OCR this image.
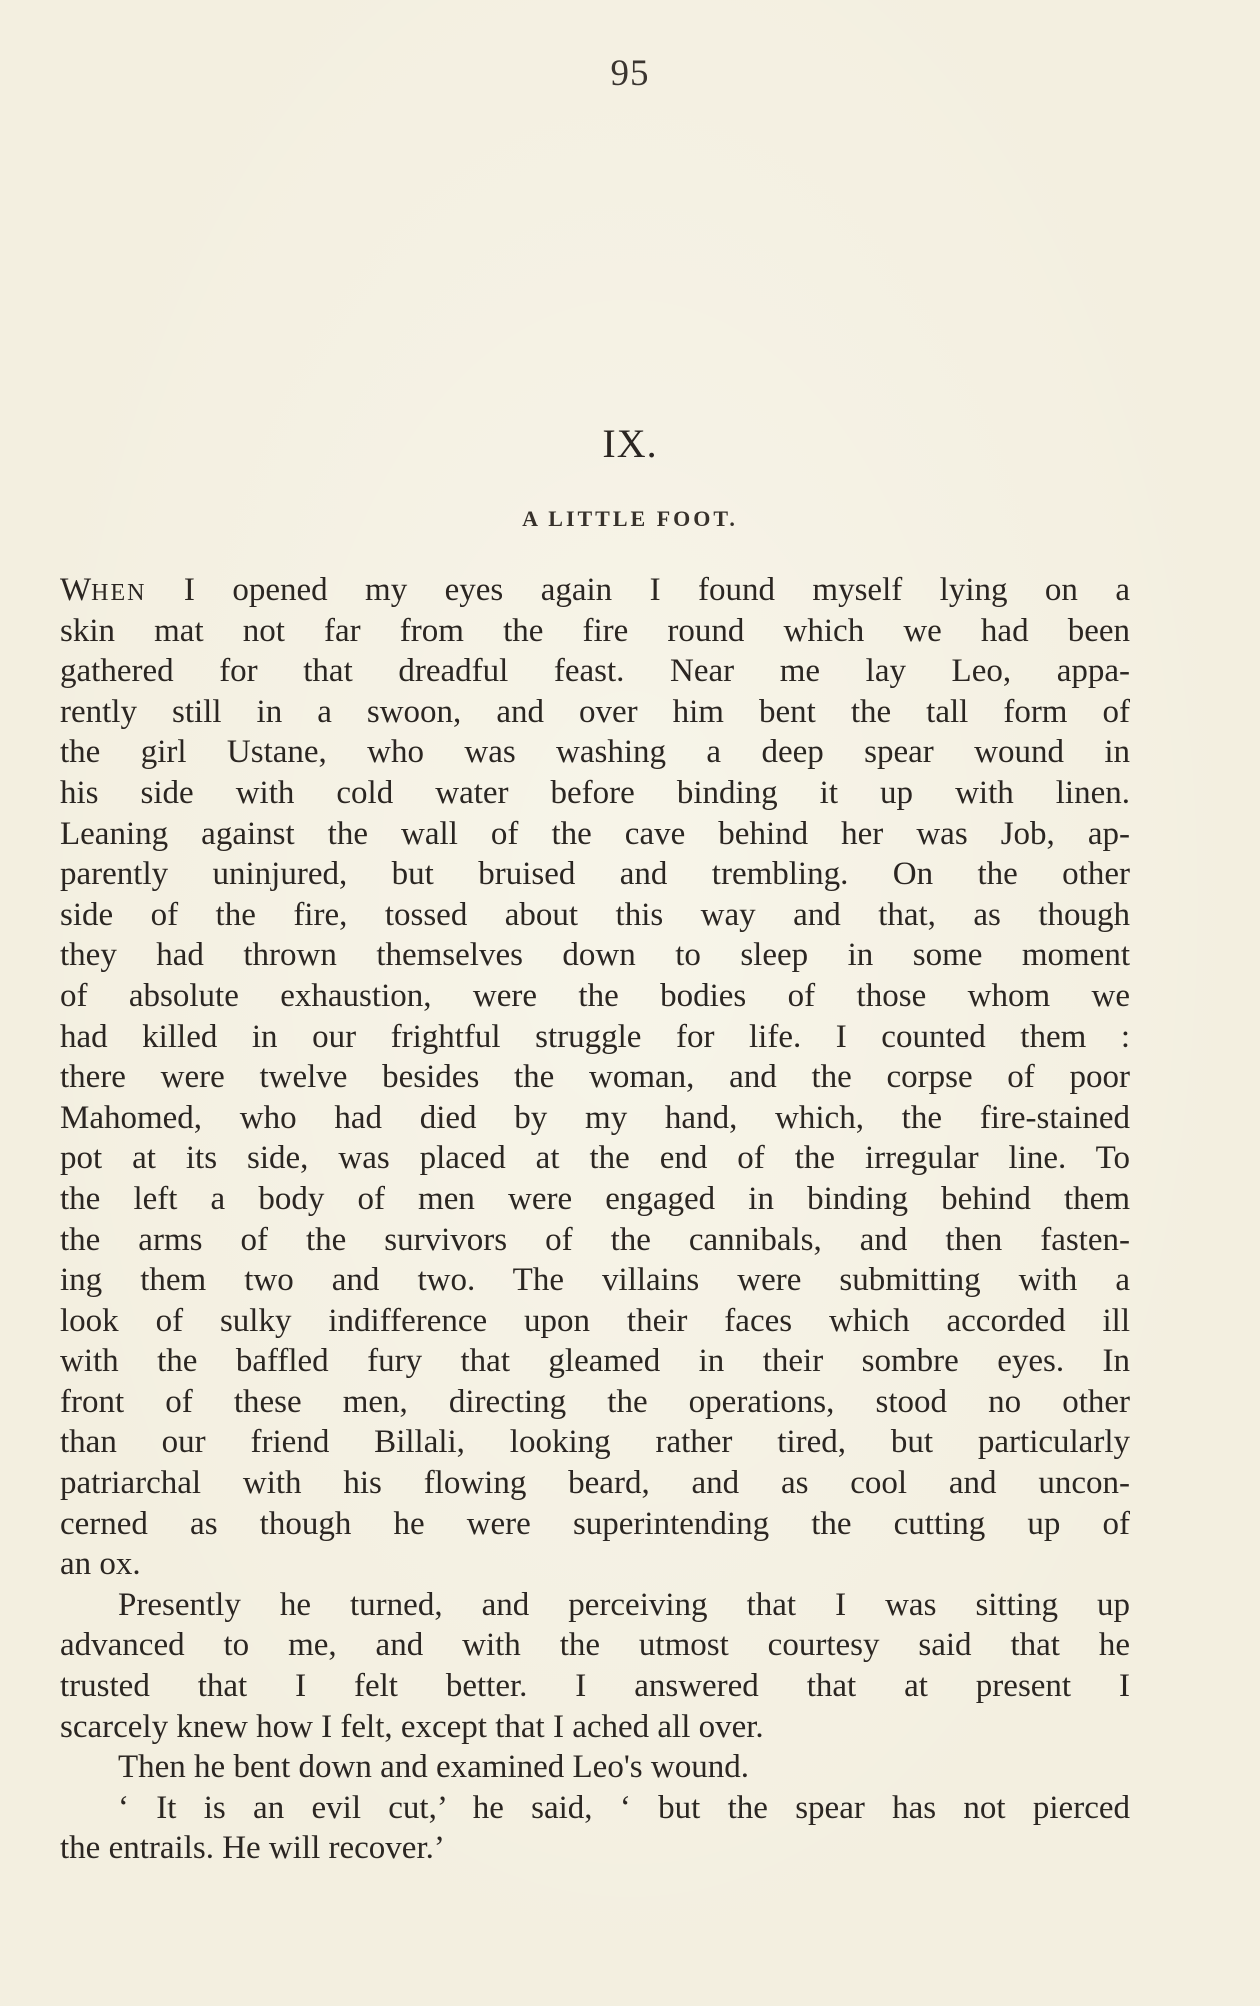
95
IX.
A LITTLE FOOT.
WHEN I opened my eyes again I found myself lying on a
skin mat not far from the fire round which we had been
gathered for that dreadful feast. Near me lay Leo, appa-
rently still in a swoon, and over him bent the tall form of
the girl Ustane, who was washing a deep spear wound in
his side with cold water before binding it up with linen.
Leaning against the wall of the cave behind her was Job, ap-
parently uninjured, but bruised and trembling. On the other
side of the fire, tossed about this way and that, as though
they had thrown themselves down to sleep in some moment
of absolute exhaustion, were the bodies of those whom we
had killed in our frightful struggle for life. I counted them :
there were twelve besides the woman, and the corpse of poor
Mahomed, who had died by my hand, which, the fire-stained
pot at its side, was placed at the end of the irregular line. To
the left a body of men were engaged in binding behind them
the arms of the survivors of the cannibals, and then fasten-
ing them two and two. The villains were submitting with a
look of sulky indifference upon their faces which accorded ill
with the baffled fury that gleamed in their sombre eyes. In
front of these men, directing the operations, stood no other
than our friend Billali, looking rather tired, but particularly
patriarchal with his flowing beard, and as cool and uncon-
cerned as though he were superintending the cutting up of
an ox.
Presently he turned, and perceiving that I was sitting up
advanced to me, and with the utmost courtesy said that he
trusted that I felt better. I answered that at present I
scarcely knew how I felt, except that I ached all over.
Then he bent down and examined Leo's wound.
‘ It is an evil cut,’ he said, ‘ but the spear has not pierced
the entrails. He will recover.’
